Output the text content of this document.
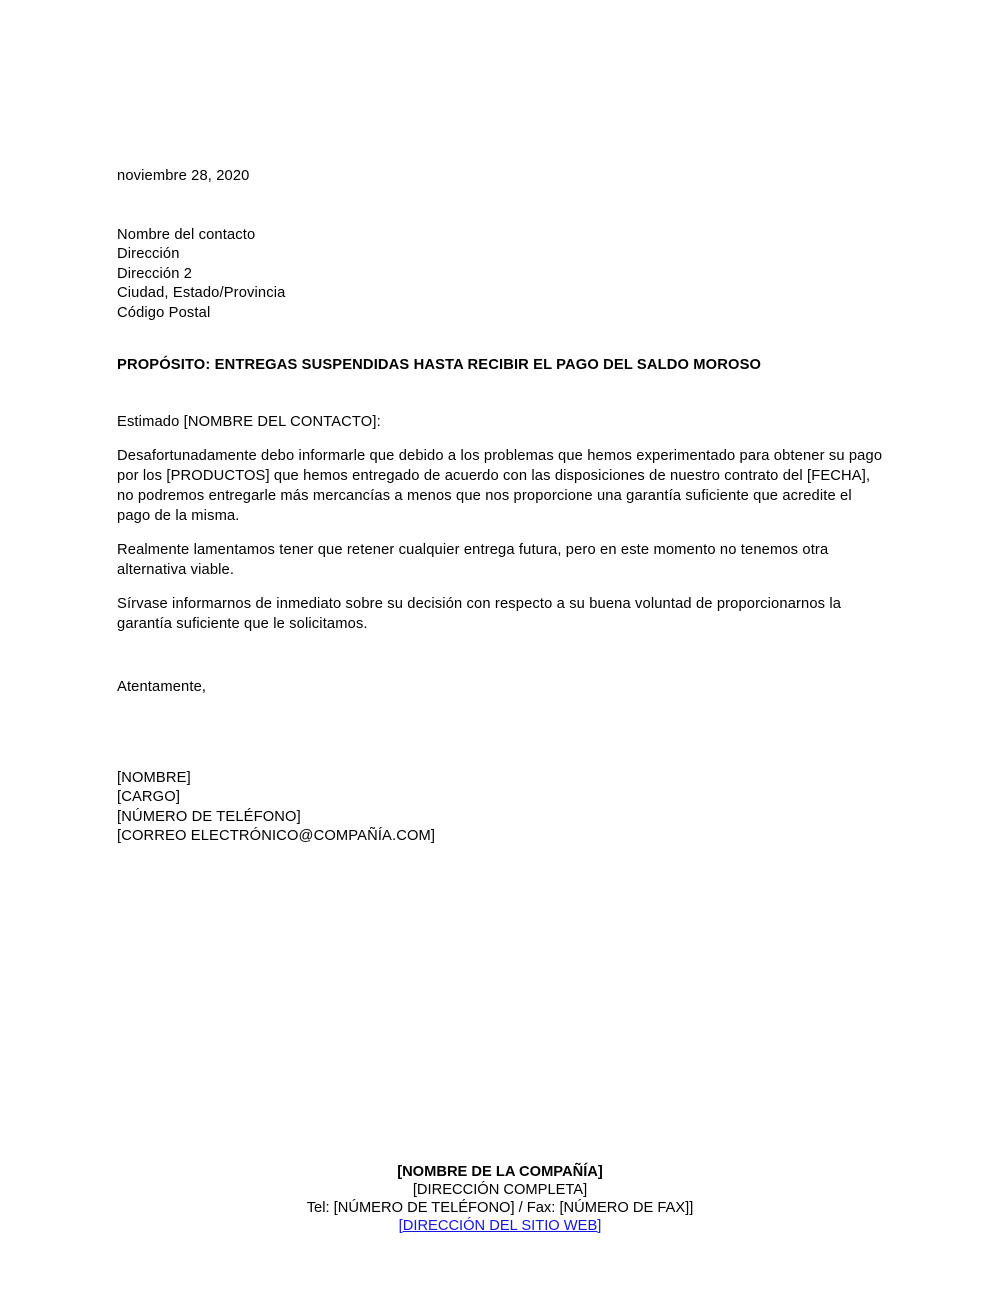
noviembre 28, 2020
Nombre del contacto
Dirección
Dirección 2
Ciudad, Estado/Provincia
Código Postal
PROPÓSITO: ENTREGAS SUSPENDIDAS HASTA RECIBIR EL PAGO DEL SALDO MOROSO
Estimado [NOMBRE DEL CONTACTO]:
Desafortunadamente debo informarle que debido a los problemas que hemos experimentado para obtener su pago por los [PRODUCTOS] que hemos entregado de acuerdo con las disposiciones de nuestro contrato del [FECHA], no podremos entregarle más mercancías a menos que nos proporcione una garantía suficiente que acredite el pago de la misma.
Realmente lamentamos tener que retener cualquier entrega futura, pero en este momento no tenemos otra alternativa viable.
Sírvase informarnos de inmediato sobre su decisión con respecto a su buena voluntad de proporcionarnos la garantía suficiente que le solicitamos.
Atentamente,
[NOMBRE]
[CARGO]
[NÚMERO DE TELÉFONO]
[CORREO ELECTRÓNICO@COMPAÑÍA.COM]
[NOMBRE DE LA COMPAÑÍA]
[DIRECCIÓN COMPLETA]
Tel: [NÚMERO DE TELÉFONO] / Fax: [NÚMERO DE FAX]]
[DIRECCIÓN DEL SITIO WEB]
